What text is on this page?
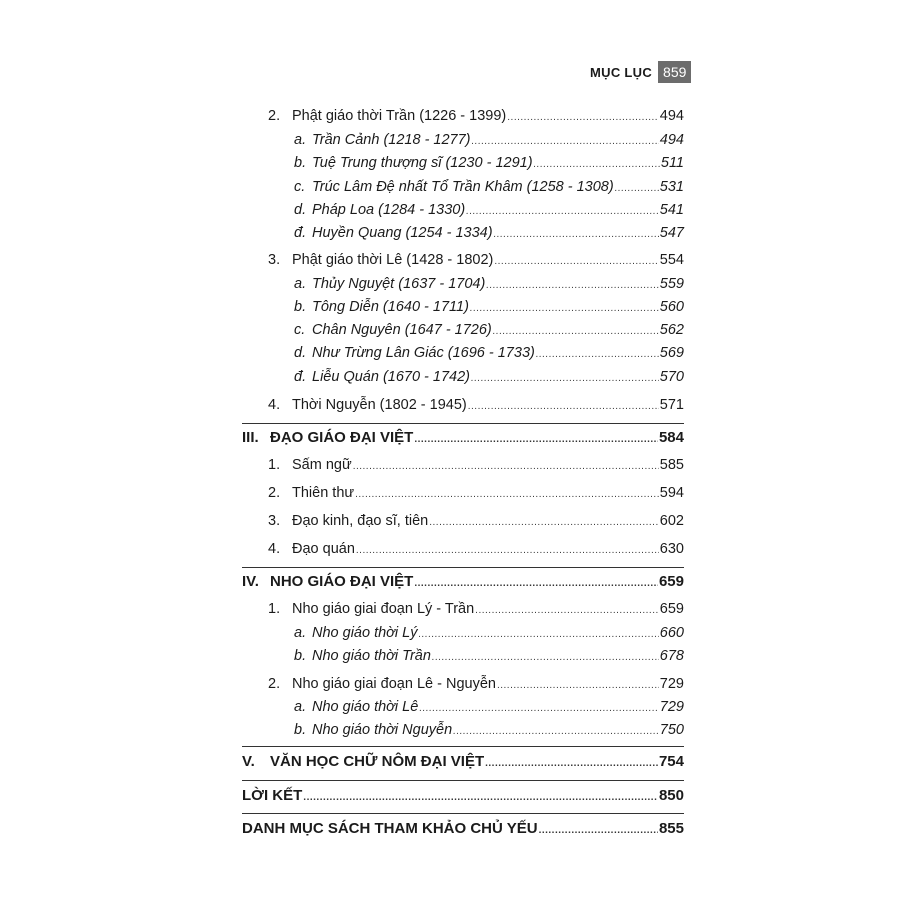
MỤC LỤC 859
2. Phật giáo thời Trần (1226 - 1399) .....	494
a. Trần Cảnh (1218 - 1277) .....	494
b. Tuệ Trung thượng sĩ (1230 - 1291) .....	511
c. Trúc Lâm Đệ nhất Tổ Trần Khâm (1258 - 1308) .....	531
d. Pháp Loa (1284 - 1330) .....	541
đ. Huyền Quang (1254 - 1334) .....	547
3. Phật giáo thời Lê (1428 - 1802) .....	554
a. Thủy Nguyệt (1637 - 1704) .....	559
b. Tông Diễn (1640 - 1711) .....	560
c. Chân Nguyên (1647 - 1726) .....	562
d. Như Trừng Lân Giác (1696 - 1733) .....	569
đ. Liễu Quán (1670 - 1742) .....	570
4. Thời Nguyễn (1802 - 1945) .....	571
III. ĐẠO GIÁO ĐẠI VIỆT .....	584
1. Sấm ngữ .....	585
2. Thiên thư .....	594
3. Đạo kinh, đạo sĩ, tiên .....	602
4. Đạo quán .....	630
IV. NHO GIÁO ĐẠI VIỆT .....	659
1. Nho giáo giai đoạn Lý - Trần .....	659
a. Nho giáo thời Lý .....	660
b. Nho giáo thời Trần .....	678
2. Nho giáo giai đoạn Lê - Nguyễn .....	729
a. Nho giáo thời Lê .....	729
b. Nho giáo thời Nguyễn .....	750
V.	VĂN HỌC CHỮ NÔM ĐẠI VIỆT .....	754
LỜI KẾT .....	850
DANH MỤC SÁCH THAM KHẢO CHỦ YẾU .....	855
